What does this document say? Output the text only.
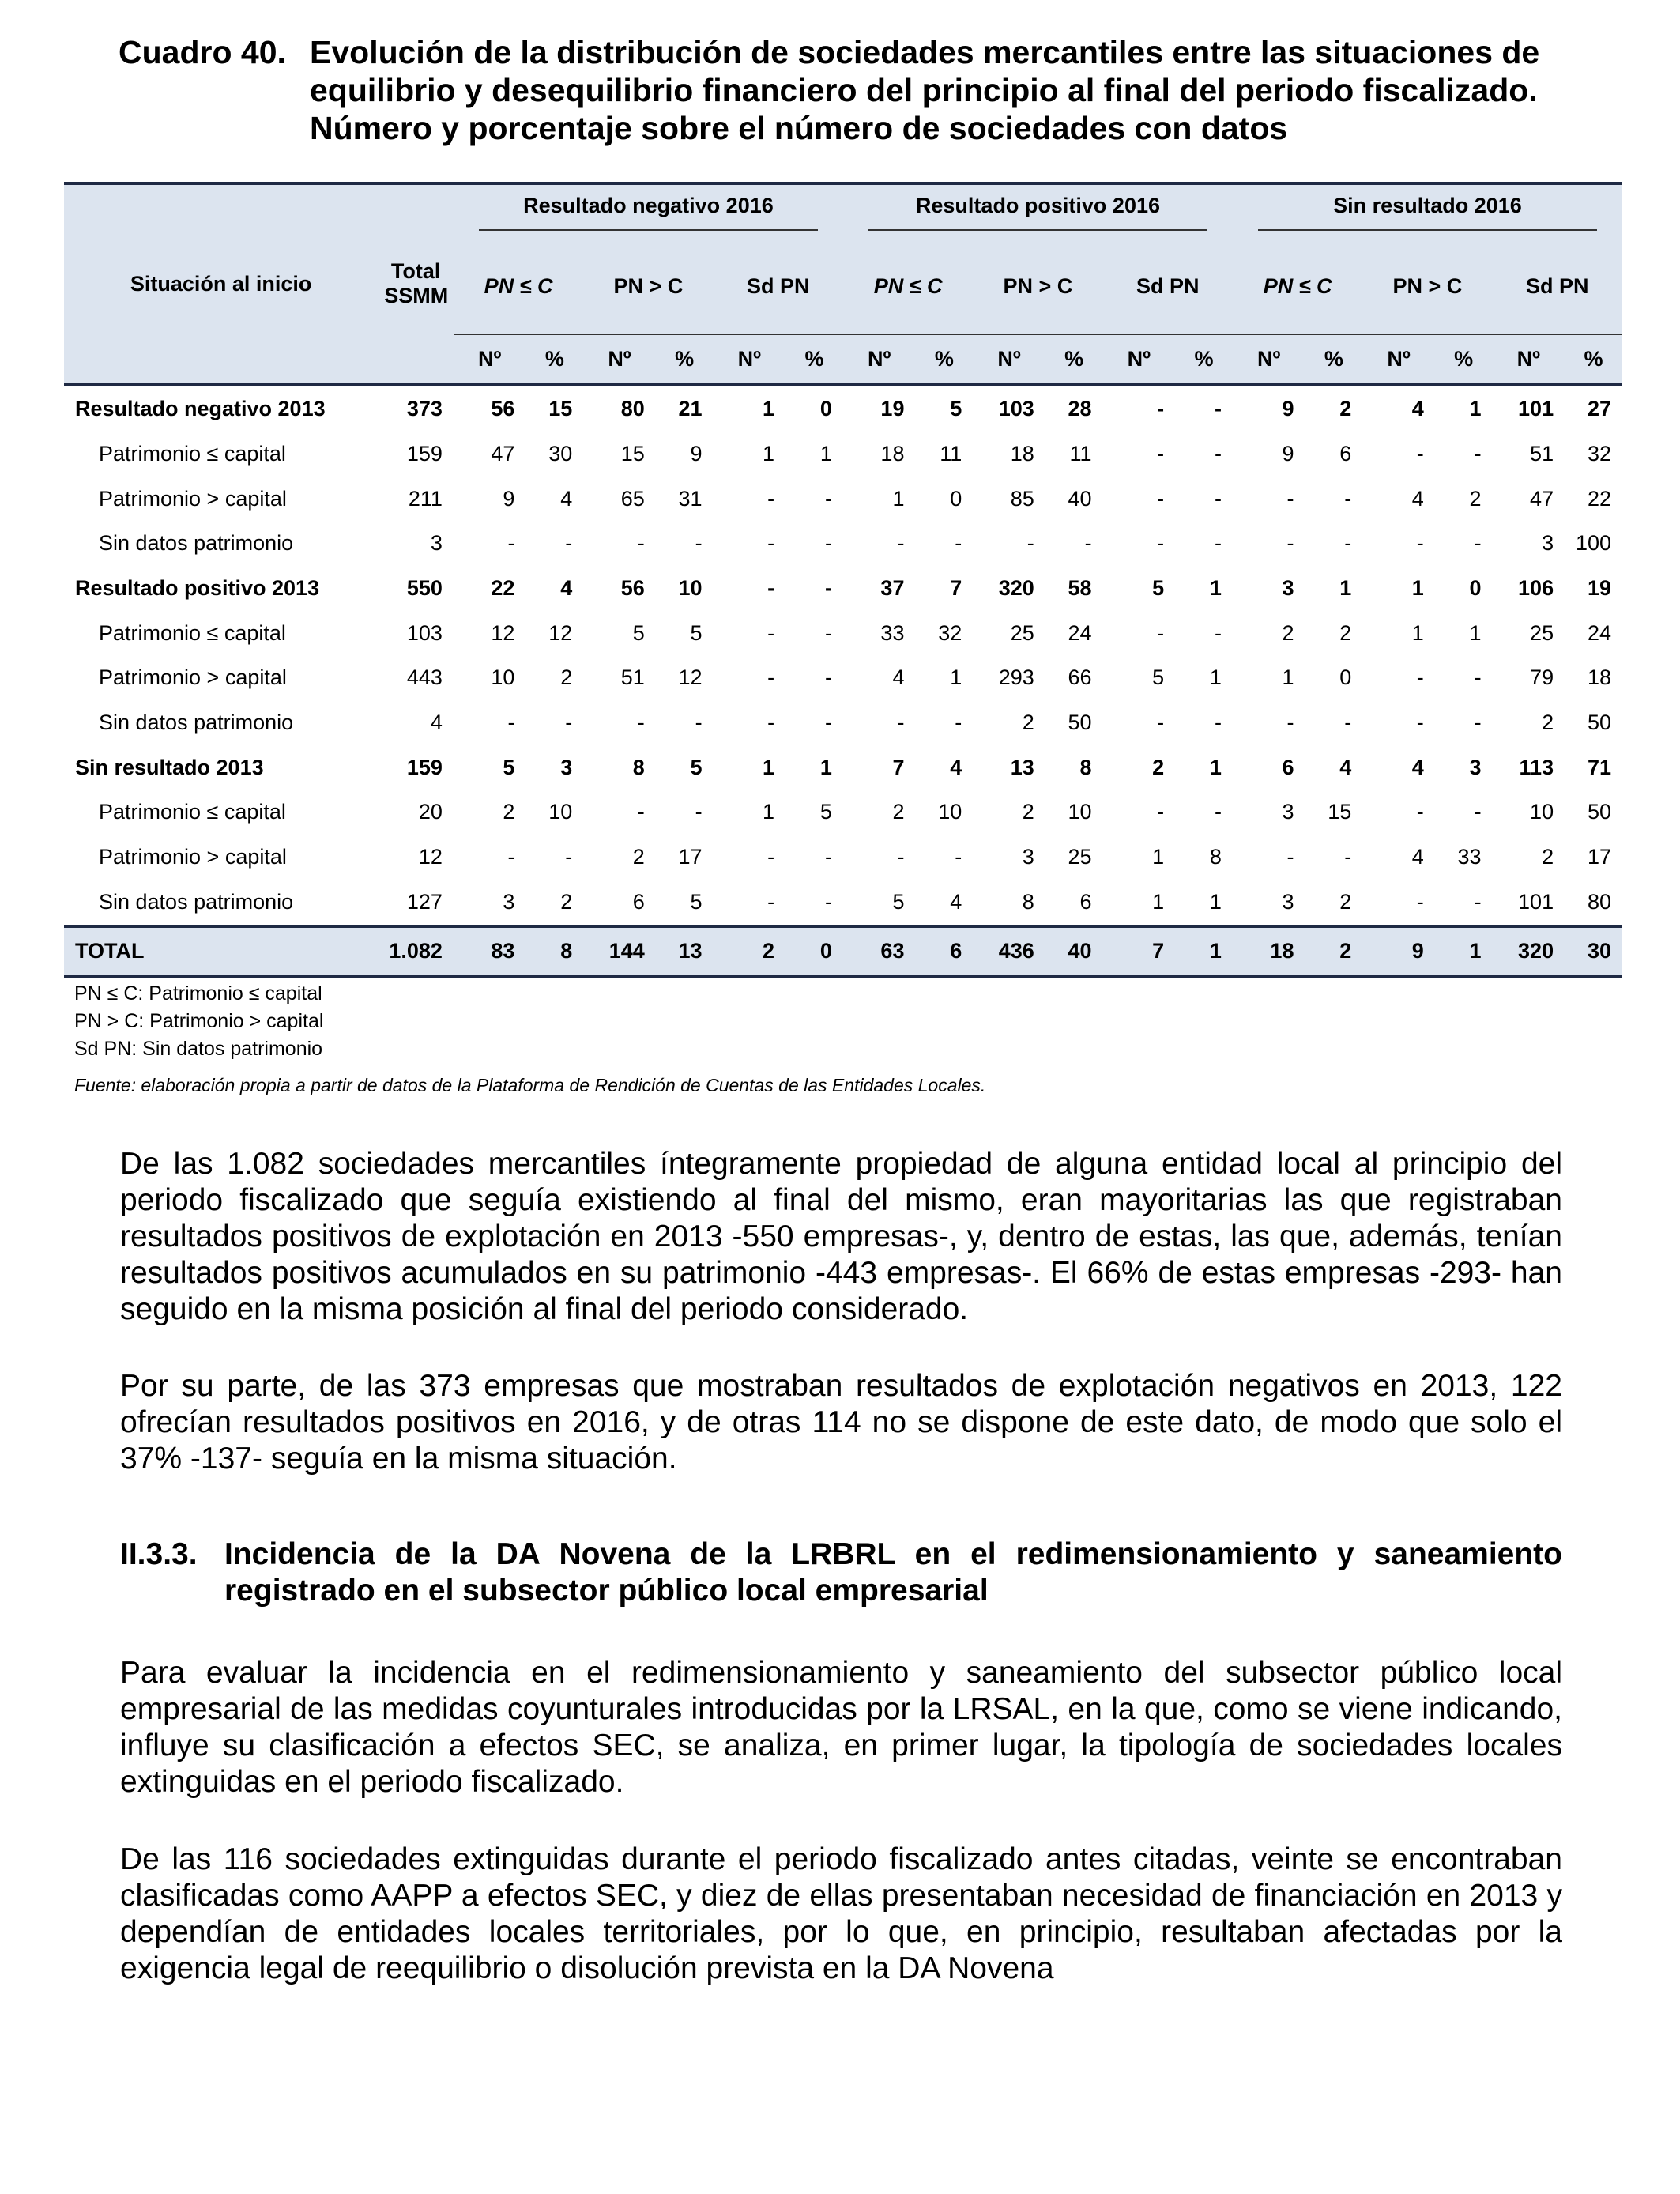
Cuadro 40. Evolución de la distribución de sociedades mercantiles entre las situaciones de equilibrio y desequilibrio financiero del principio al final del periodo fiscalizado. Número y porcentaje sobre el número de sociedades con datos
Situación al inicio	Total SSMM	Resultado negativo 2016						Resultado positivo 2016						Sin resultado 2016					

		PN ≤ C		PN > C		Sd PN		PN ≤ C		PN > C		Sd PN		PN ≤ C		PN > C		Sd PN	
		Nº	%	Nº	%	Nº	%	Nº	%	Nº	%	Nº	%	Nº	%	Nº	%	Nº	%
Resultado negativo 2013	373	56	15	80	21	1	0	19	5	103	28	-	-	9	2	4	1	101	27
Patrimonio ≤ capital	159	47	30	15	9	1	1	18	11	18	11	-	-	9	6	-	-	51	32
Patrimonio > capital	211	9	4	65	31	-	-	1	0	85	40	-	-	-	-	4	2	47	22
Sin datos patrimonio	3	-	-	-	-	-	-	-	-	-	-	-	-	-	-	-	-	3	100
Resultado positivo 2013	550	22	4	56	10	-	-	37	7	320	58	5	1	3	1	1	0	106	19
Patrimonio ≤ capital	103	12	12	5	5	-	-	33	32	25	24	-	-	2	2	1	1	25	24
Patrimonio > capital	443	10	2	51	12	-	-	4	1	293	66	5	1	1	0	-	-	79	18
Sin datos patrimonio	4	-	-	-	-	-	-	-	-	2	50	-	-	-	-	-	-	2	50
Sin resultado 2013	159	5	3	8	5	1	1	7	4	13	8	2	1	6	4	4	3	113	71
Patrimonio ≤ capital	20	2	10	-	-	1	5	2	10	2	10	-	-	3	15	-	-	10	50
Patrimonio > capital	12	-	-	2	17	-	-	-	-	3	25	1	8	-	-	4	33	2	17
Sin datos patrimonio	127	3	2	6	5	-	-	5	4	8	6	1	1	3	2	-	-	101	80
TOTAL	1.082	83	8	144	13	2	0	63	6	436	40	7	1	18	2	9	1	320	30
PN ≤ C: Patrimonio ≤ capital
PN > C: Patrimonio > capital
Sd PN: Sin datos patrimonio
Fuente: elaboración propia a partir de datos de la Plataforma de Rendición de Cuentas de las Entidades Locales.
De las 1.082 sociedades mercantiles íntegramente propiedad de alguna entidad local al principio del periodo fiscalizado que seguía existiendo al final del mismo, eran mayoritarias las que registraban resultados positivos de explotación en 2013 -550 empresas-, y, dentro de estas, las que, además, tenían resultados positivos acumulados en su patrimonio -443 empresas-. El 66% de estas empresas -293- han seguido en la misma posición al final del periodo considerado.
Por su parte, de las 373 empresas que mostraban resultados de explotación negativos en 2013, 122 ofrecían resultados positivos en 2016, y de otras 114 no se dispone de este dato, de modo que solo el 37% -137- seguía en la misma situación.
II.3.3. Incidencia de la DA Novena de la LRBRL en el redimensionamiento y saneamiento registrado en el subsector público local empresarial
Para evaluar la incidencia en el redimensionamiento y saneamiento del subsector público local empresarial de las medidas coyunturales introducidas por la LRSAL, en la que, como se viene indicando, influye su clasificación a efectos SEC, se analiza, en primer lugar, la tipología de sociedades locales extinguidas en el periodo fiscalizado.
De las 116 sociedades extinguidas durante el periodo fiscalizado antes citadas, veinte se encontraban clasificadas como AAPP a efectos SEC, y diez de ellas presentaban necesidad de financiación en 2013 y dependían de entidades locales territoriales, por lo que, en principio, resultaban afectadas por la exigencia legal de reequilibrio o disolución prevista en la DA Novena
